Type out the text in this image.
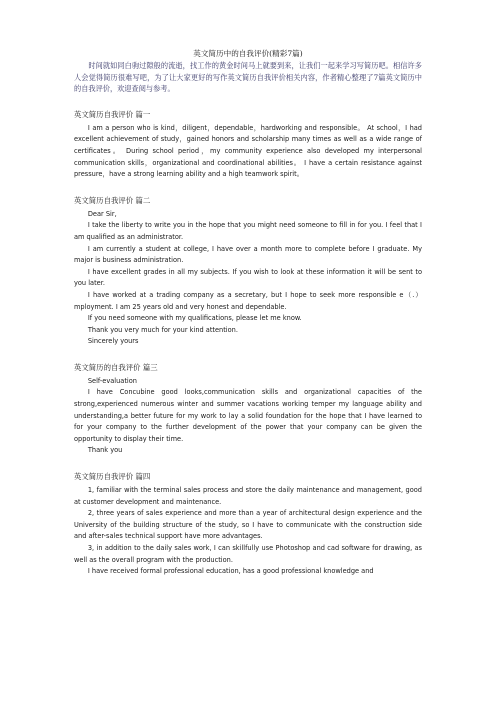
英文简历中的自我评价(精彩7篇)

时间就如同白驹过隙般的流逝，找工作的黄金时间马上就要到来，让我们一起来学习写简历吧。相信许多人会觉得简历很难写吧，为了让大家更好的写作英文简历自我评价相关内容，作者精心整理了7篇英文简历中的自我评价，欢迎查阅与参考。

英文简历自我评价 篇一

I am a person who is kind，diligent，dependable，hardworking and responsible。 At school，I had excellent achievement of study，gained honors and scholarship many times as well as a wide range of certificates。 During school period，my community experience also developed my interpersonal communication skills，organizational and coordinational abilities。 I have a certain resistance against pressure，have a strong learning ability and a high teamwork spirit。

英文简历自我评价 篇二

Dear Sir,

I take the liberty to write you in the hope that you might need someone to fill in for you. I feel that I am qualified as an administrator.

I am currently a student at college, I have over a month more to complete before I graduate. My major is business administration.

I have excellent grades in all my subjects. If you wish to look at these information it will be sent to you later.

I have worked at a trading company as a secretary, but I hope to seek more responsible e（.）mployment. I am 25 years old and very honest and dependable.

If you need someone with my qualifications, please let me know.

Thank you very much for your kind attention.

Sincerely yours

英文简历的自我评价 篇三

Self-evaluation

I have Concubine good looks,communication skills and organizational capacities of the strong,experienced numerous winter and summer vacations working temper my language ability and understanding,a better future for my work to lay a solid foundation for the hope that I have learned to for your company to the further development of the power that your company can be given the opportunity to display their time.

Thank you

英文简历自我评价 篇四

1, familiar with the terminal sales process and store the daily maintenance and management, good at customer development and maintenance.

2, three years of sales experience and more than a year of architectural design experience and the University of the building structure of the study, so I have to communicate with the construction side and after-sales technical support have more advantages.

3, in addition to the daily sales work, I can skillfully use Photoshop and cad software for drawing, as well as the overall program with the production.

I have received formal professional education, has a good professional knowledge and
